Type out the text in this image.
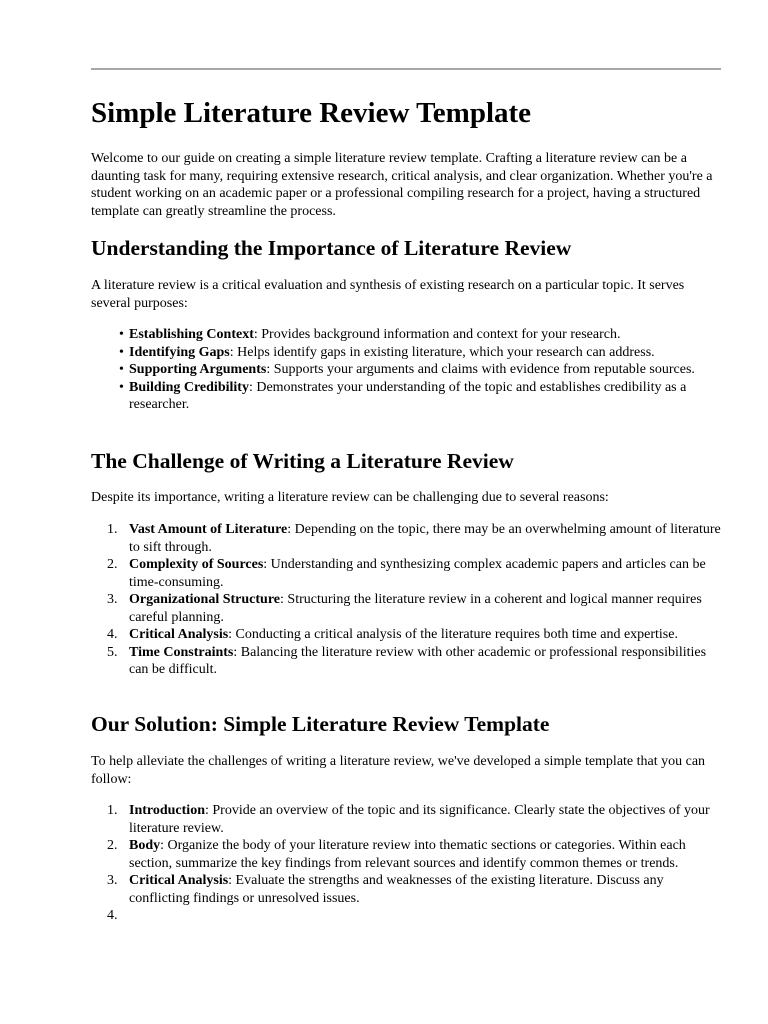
Simple Literature Review Template

Welcome to our guide on creating a simple literature review template. Crafting a literature review can be a daunting task for many, requiring extensive research, critical analysis, and clear organization. Whether you're a student working on an academic paper or a professional compiling research for a project, having a structured template can greatly streamline the process.

Understanding the Importance of Literature Review

A literature review is a critical evaluation and synthesis of existing research on a particular topic. It serves several purposes:

• Establishing Context: Provides background information and context for your research.
• Identifying Gaps: Helps identify gaps in existing literature, which your research can address.
• Supporting Arguments: Supports your arguments and claims with evidence from reputable sources.
• Building Credibility: Demonstrates your understanding of the topic and establishes credibility as a researcher.
The Challenge of Writing a Literature Review

Despite its importance, writing a literature review can be challenging due to several reasons:

1. Vast Amount of Literature: Depending on the topic, there may be an overwhelming amount of literature to sift through.
2. Complexity of Sources: Understanding and synthesizing complex academic papers and articles can be time-consuming.
3. Organizational Structure: Structuring the literature review in a coherent and logical manner requires careful planning.
4. Critical Analysis: Conducting a critical analysis of the literature requires both time and expertise.
5. Time Constraints: Balancing the literature review with other academic or professional responsibilities can be difficult.
Our Solution: Simple Literature Review Template

To help alleviate the challenges of writing a literature review, we've developed a simple template that you can follow:

1. Introduction: Provide an overview of the topic and its significance. Clearly state the objectives of your literature review.
2. Body: Organize the body of your literature review into thematic sections or categories. Within each section, summarize the key findings from relevant sources and identify common themes or trends.
3. Critical Analysis: Evaluate the strengths and weaknesses of the existing literature. Discuss any conflicting findings or unresolved issues.
4.
